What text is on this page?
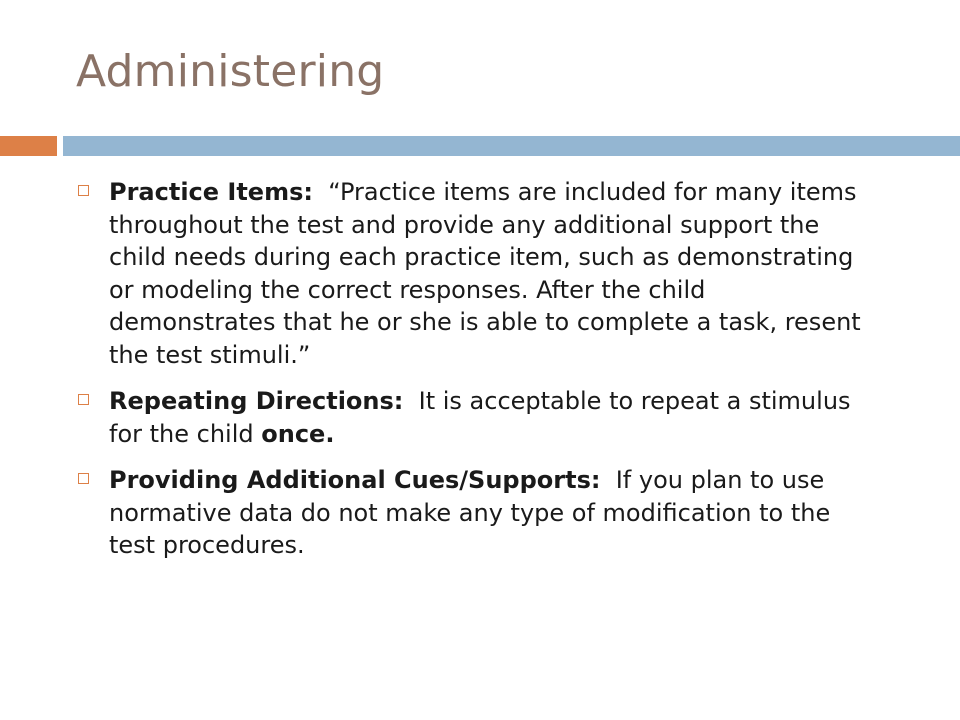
Administering
Practice Items:  “Practice items are included for many items throughout the test and provide any additional support the child needs during each practice item, such as demonstrating  or modeling the correct responses. After the child demonstrates that he or she is able to complete a task, resent the test stimuli.”
Repeating Directions:  It is acceptable to repeat a stimulus for the child once.
Providing Additional Cues/Supports:  If you plan to use normative data do not make any type of modification to the test procedures.
